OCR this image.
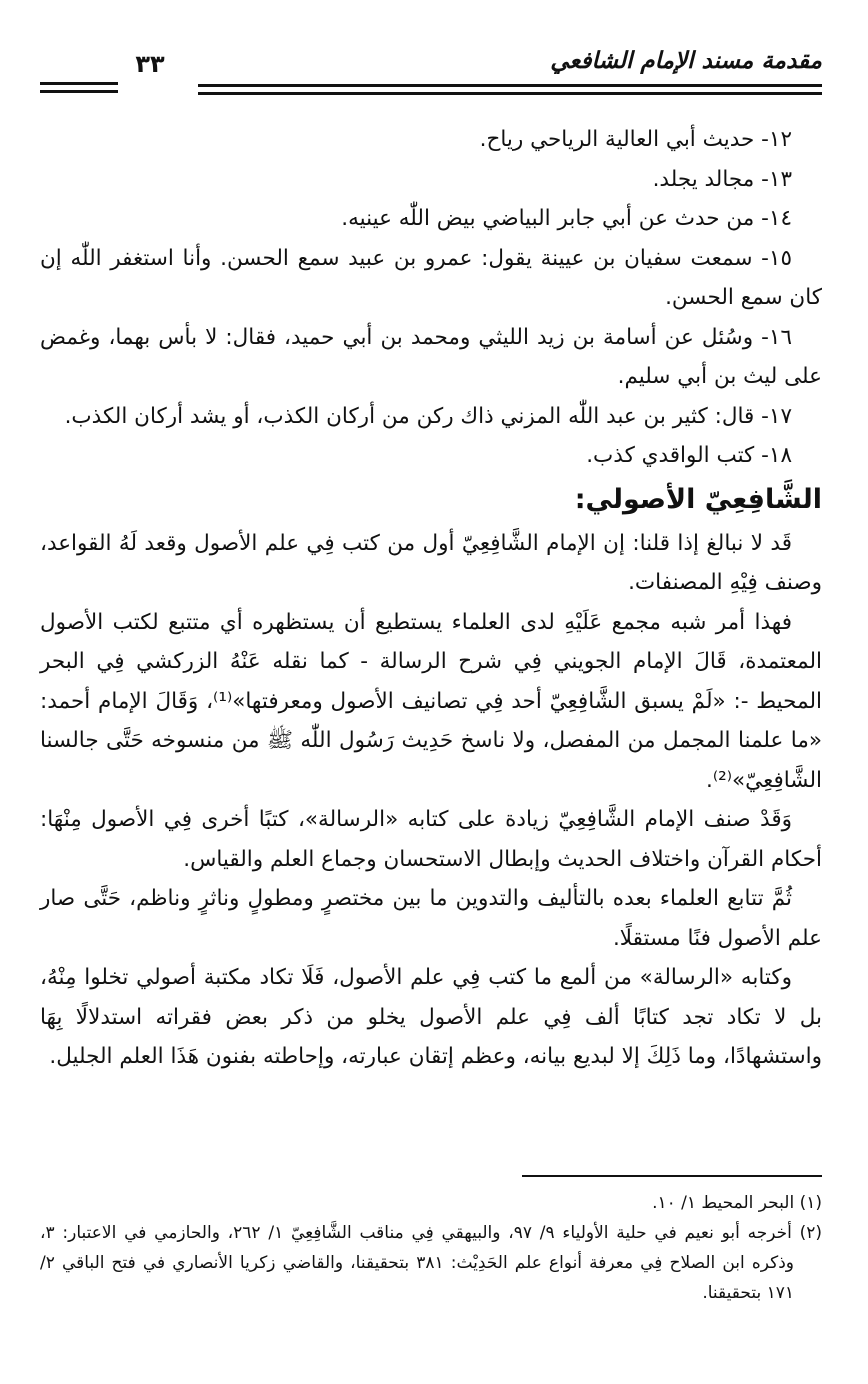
مقدمة مسند الإمام الشافعي
٣٣

١٢- حديث أبي العالية الرياحي رياح.

١٣- مجالد يجلد.

١٤- من حدث عن أبي جابر البياضي بيض اللّٰه عينيه.

١٥- سمعت سفيان بن عيينة يقول: عمرو بن عبيد سمع الحسن. وأنا استغفر اللّٰه إن كان سمع الحسن.

١٦- وسُئل عن أسامة بن زيد الليثي ومحمد بن أبي حميد، فقال: لا بأس بهما، وغمض على ليث بن أبي سليم.

١٧- قال: كثير بن عبد اللّٰه المزني ذاك ركن من أركان الكذب، أو يشد أركان الكذب.

١٨- كتب الواقدي كذب.

الشَّافِعِيّ الأصولي:

قَد لا نبالغ إذا قلنا: إن الإمام الشَّافِعِيّ أول من كتب فِي علم الأصول وقعد لَهُ القواعد، وصنف فِيْهِ المصنفات.

فهذا أمر شبه مجمع عَلَيْهِ لدى العلماء يستطيع أن يستظهره أي متتبع لكتب الأصول المعتمدة، قَالَ الإمام الجويني فِي شرح الرسالة - كما نقله عَنْهُ الزركشي فِي البحر المحيط -: «لَمْ يسبق الشَّافِعِيّ أحد فِي تصانيف الأصول ومعرفتها»⁽¹⁾، وَقَالَ الإمام أحمد: «ما علمنا المجمل من المفصل، ولا ناسخ حَدِيث رَسُول اللّٰه ﷺ من منسوخه حَتَّى جالسنا الشَّافِعِيّ»⁽²⁾.

وَقَدْ صنف الإمام الشَّافِعِيّ زيادة على كتابه «الرسالة»، كتبًا أخرى فِي الأصول مِنْهَا: أحكام القرآن واختلاف الحديث وإبطال الاستحسان وجماع العلم والقياس.

ثُمَّ تتابع العلماء بعده بالتأليف والتدوين ما بين مختصرٍ ومطولٍ وناثرٍ وناظم، حَتَّى صار علم الأصول فنًا مستقلًا.

وكتابه «الرسالة» من ألمع ما كتب فِي علم الأصول، فَلَا تكاد مكتبة أصولي تخلوا مِنْهُ، بل لا تكاد تجد كتابًا ألف فِي علم الأصول يخلو من ذكر بعض فقراته استدلالًا بِهَا واستشهادًا، وما ذَلِكَ إلا لبديع بيانه، وعظم إتقان عبارته، وإحاطته بفنون هَذَا العلم الجليل.

(١) البحر المحيط ١/ ١٠.

(٢) أخرجه أبو نعيم في حلية الأولياء ٩/ ٩٧، والبيهقي فِي مناقب الشَّافِعِيّ ١/ ٢٦٢، والحازمي في الاعتبار: ٣، وذكره ابن الصلاح فِي معرفة أنواع علم الحَدِيْث: ٣٨١ بتحقيقنا، والقاضي زكريا الأنصاري في فتح الباقي ٢/ ١٧١ بتحقيقنا.
